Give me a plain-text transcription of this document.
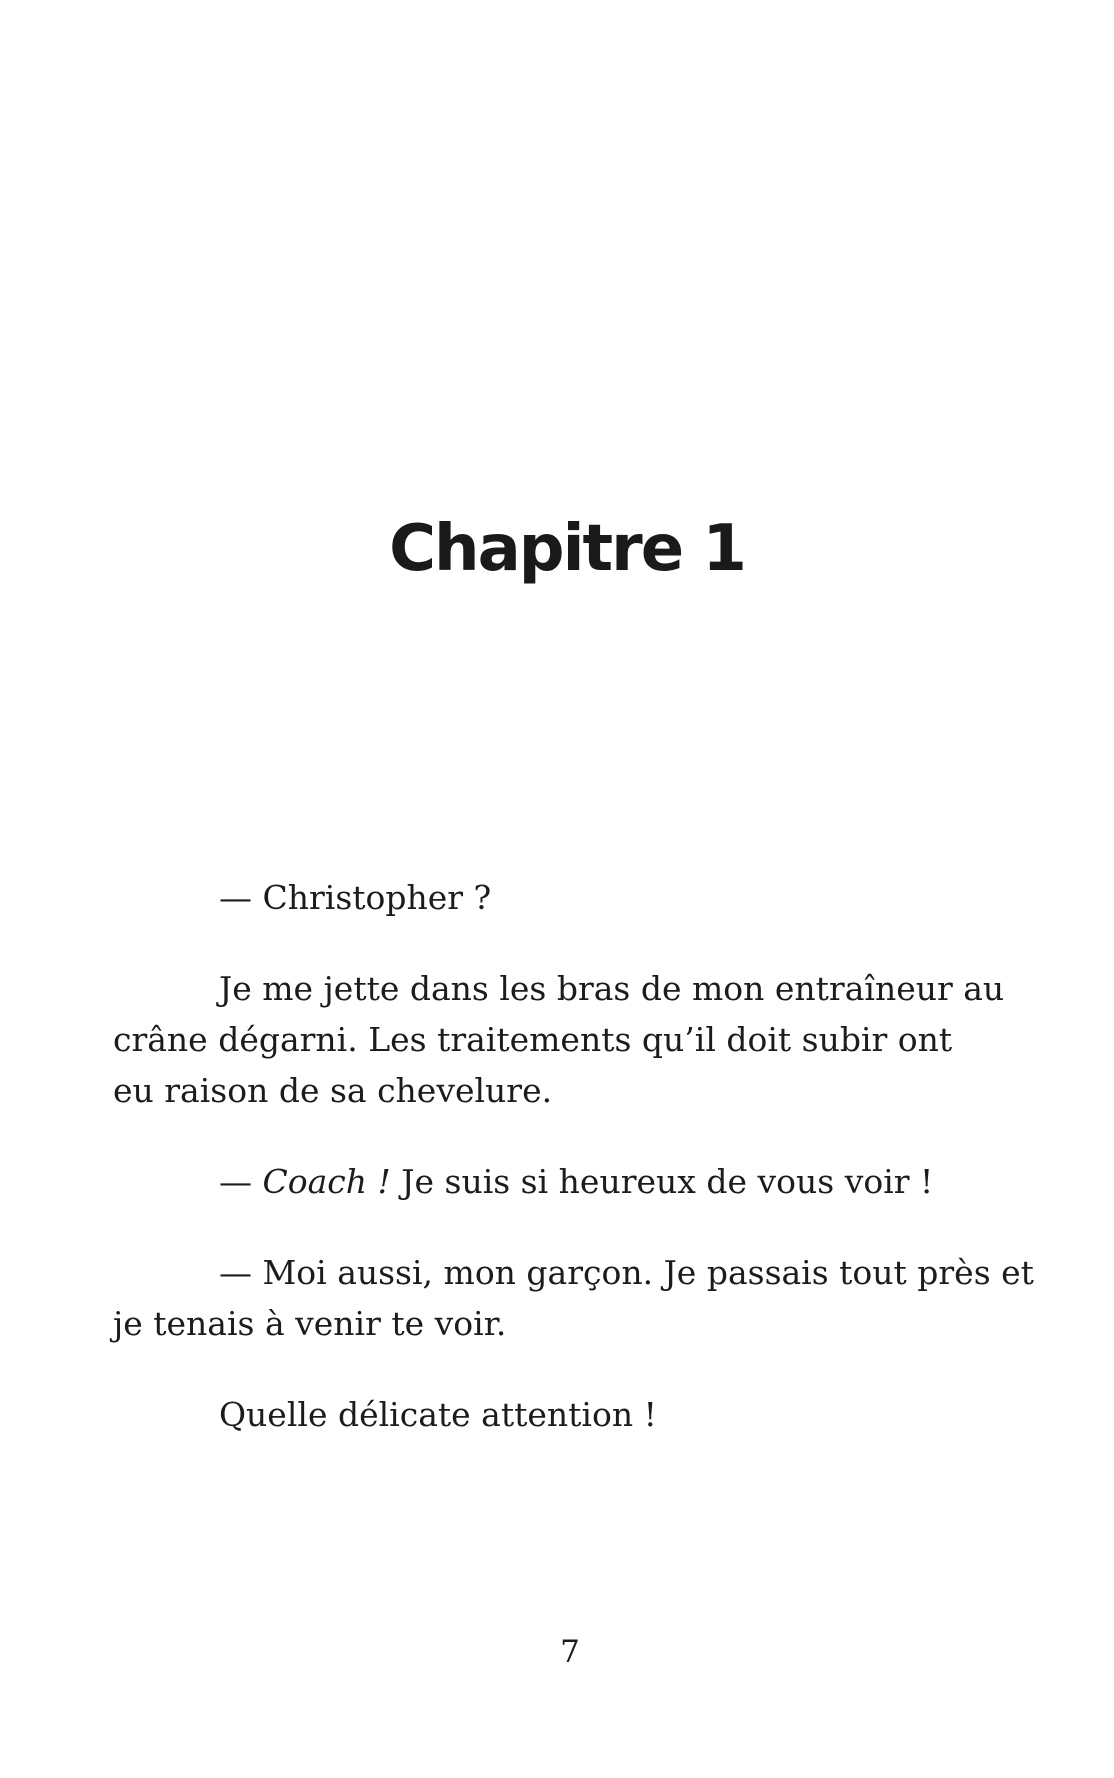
Chapitre 1

— Christopher ?

Je me jette dans les bras de mon entraîneur au
crâne dégarni. Les traitements qu’il doit subir ont
eu raison de sa chevelure.

— Coach ! Je suis si heureux de vous voir !

— Moi aussi, mon garçon. Je passais tout près et
je tenais à venir te voir.

Quelle délicate attention !

7
